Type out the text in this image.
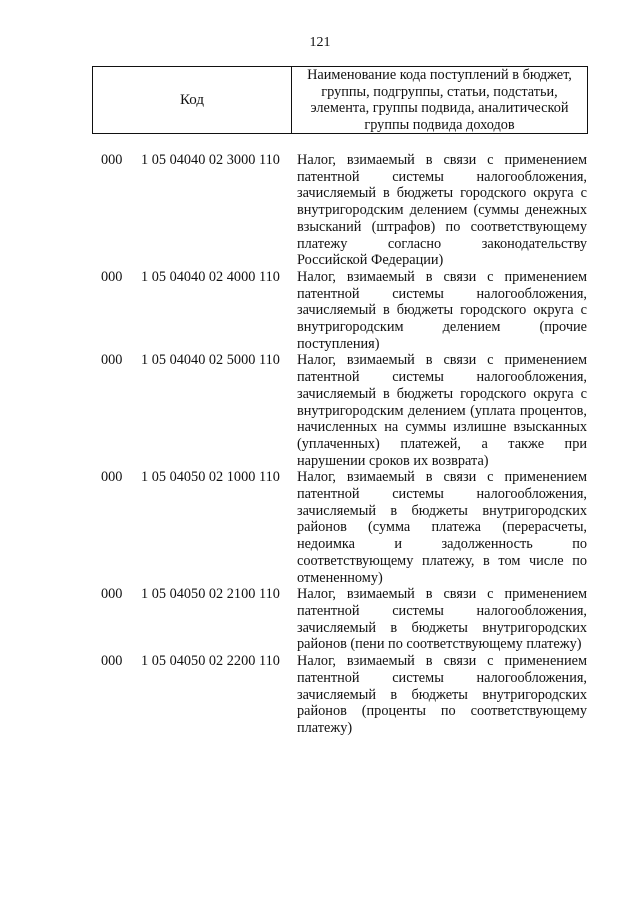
121
Код
Наименование кода поступлений в бюджет, группы, подгруппы, статьи, подстатьи, элемента, группы подвида, аналитической группы подвида доходов
000 1 05 04040 02 3000 110 Налог, взимаемый в связи с применением патентной системы налогообложения, зачисляемый в бюджеты городского округа с внутригородским делением (суммы денежных взысканий (штрафов) по соответствующему платежу согласно законодательству Российской Федерации)
000 1 05 04040 02 4000 110 Налог, взимаемый в связи с применением патентной системы налогообложения, зачисляемый в бюджеты городского округа с внутригородским делением (прочие поступления)
000 1 05 04040 02 5000 110 Налог, взимаемый в связи с применением патентной системы налогообложения, зачисляемый в бюджеты городского округа с внутригородским делением (уплата процентов, начисленных на суммы излишне взысканных (уплаченных) платежей, а также при нарушении сроков их возврата)
000 1 05 04050 02 1000 110 Налог, взимаемый в связи с применением патентной системы налогообложения, зачисляемый в бюджеты внутригородских районов (сумма платежа (перерасчеты, недоимка и задолженность по соответствующему платежу, в том числе по отмененному)
000 1 05 04050 02 2100 110 Налог, взимаемый в связи с применением патентной системы налогообложения, зачисляемый в бюджеты внутригородских районов (пени по соответствующему платежу)
000 1 05 04050 02 2200 110 Налог, взимаемый в связи с применением патентной системы налогообложения, зачисляемый в бюджеты внутригородских районов (проценты по соответствующему платежу)
